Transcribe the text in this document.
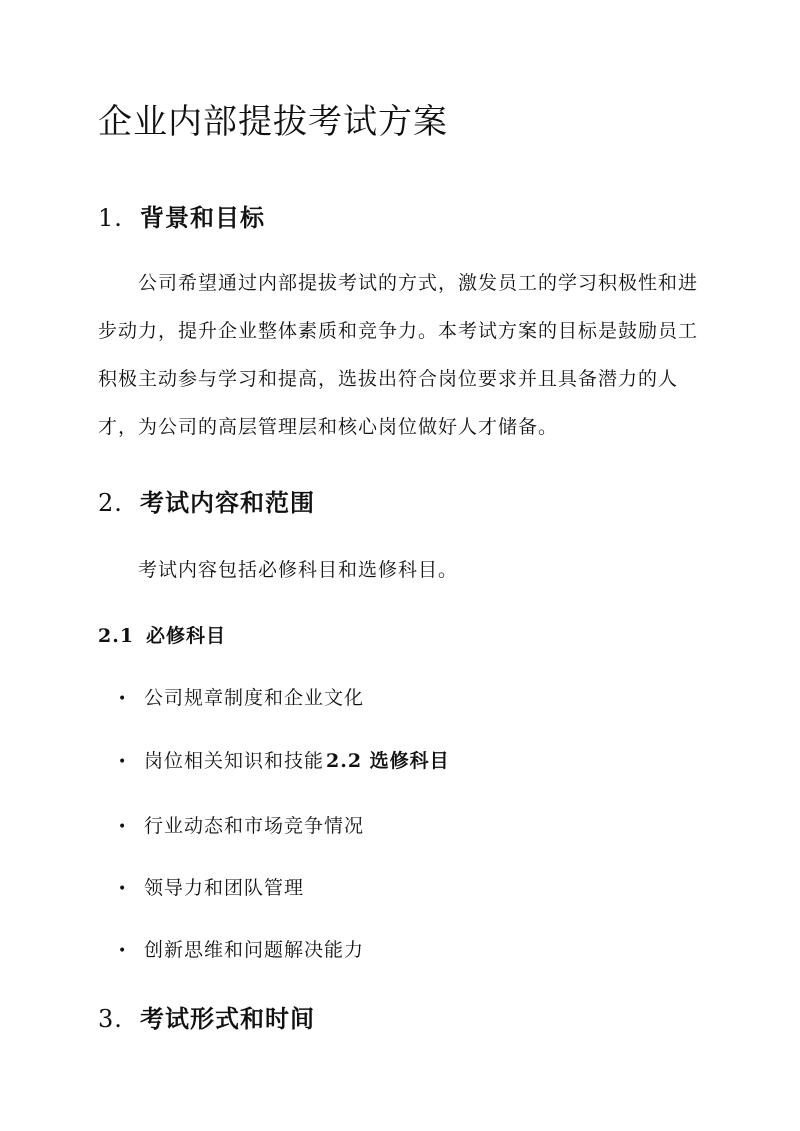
企业内部提拔考试方案
1. 背景和目标

公司希望通过内部提拔考试的方式，激发员工的学习积极性和进步动力，提升企业整体素质和竞争力。本考试方案的目标是鼓励员工积极主动参与学习和提高，选拔出符合岗位要求并且具备潜力的人才，为公司的高层管理层和核心岗位做好人才储备。

2. 考试内容和范围

考试内容包括必修科目和选修科目。

2.1 必修科目
• 公司规章制度和企业文化
• 岗位相关知识和技能 2.2 选修科目
• 行业动态和市场竞争情况
• 领导力和团队管理
• 创新思维和问题解决能力
3. 考试形式和时间
